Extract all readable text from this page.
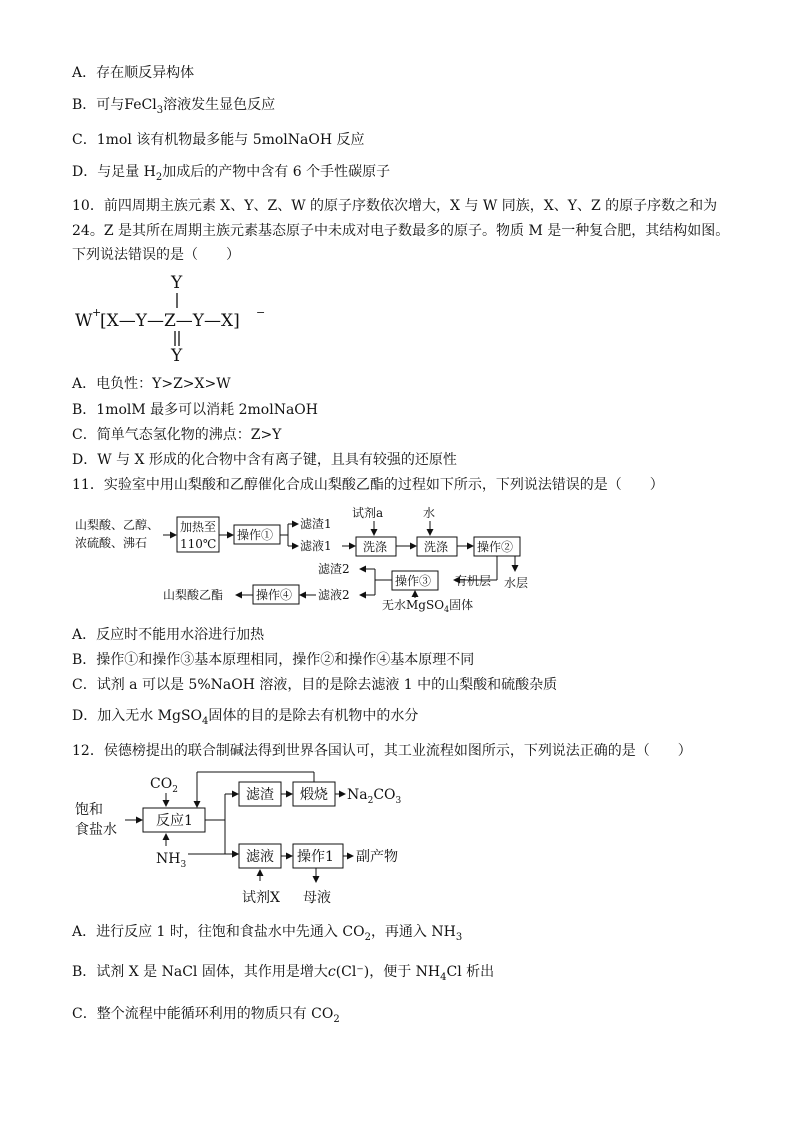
A．存在顺反异构体
B．可与FeCl$_3$溶液发生显色反应
C．1mol 该有机物最多能与 5molNaOH 反应
D．与足量 $H_2$加成后的产物中含有 6 个手性碳原子
10．前四周期主族元素 X、Y、Z、W 的原子序数依次增大，X 与 W 同族，X、Y、Z 的原子序数之和为
24。Z 是其所在周期主族元素基态原子中未成对电子数最多的原子。物质 M 是一种复合肥，其结构如图。
下列说法错误的是（　　）
Y
W +
[X—Y—Z—Y—X] −
Y
A．电负性：Y>Z>X>W
B．1molM 最多可以消耗 2molNaOH
C．简单气态氢化物的沸点：Z>Y
D．W 与 X 形成的化合物中含有离子键，且具有较强的还原性
11．实验室中用山梨酸和乙醇催化合成山梨酸乙酯的过程如下所示，下列说法错误的是（　　）
山梨酸、乙醇、
浓硫酸、沸石
加热至
110℃
操作①
滤渣1
滤液1
试剂a
洗涤
水
洗涤 操作②
有机层 水层
操作③
无水MgSO$_4$固体
滤渣2
滤液2
操作④
山梨酸乙酯
A．反应时不能用水浴进行加热
B．操作①和操作③基本原理相同，操作②和操作④基本原理不同
C．试剂 a 可以是 5%NaOH 溶液，目的是除去滤液 1 中的山梨酸和硫酸杂质
D．加入无水 MgSO$_4$固体的目的是除去有机物中的水分
12．侯德榜提出的联合制碱法得到世界各国认可，其工业流程如图所示，下列说法正确的是（　　）
$CO_2$
饱和
食盐水
反应1
$NH_3$
滤渣 煅烧 $Na_2CO_3$
滤液
试剂X
操作1 副产物
母液
A．进行反应 1 时，往饱和食盐水中先通入 $CO_2$，再通入 $NH_3$
B．试剂 X 是 NaCl 固体，其作用是增大c(Cl⁻)，便于 $NH_4Cl$ 析出
C．整个流程中能循环利用的物质只有 $CO_2$
